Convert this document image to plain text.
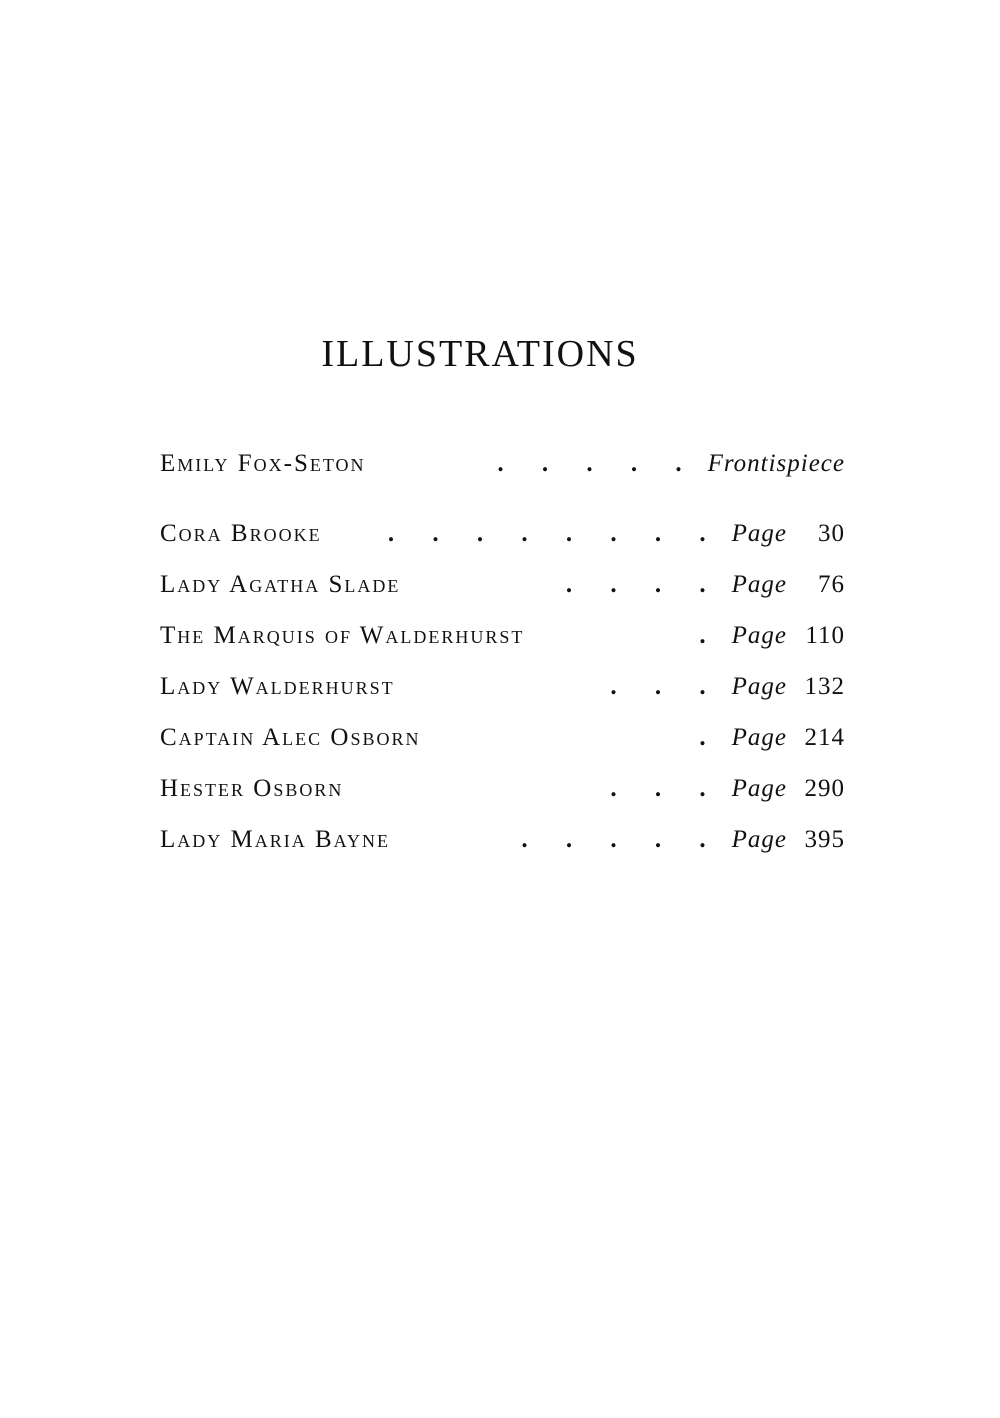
ILLUSTRATIONS
Emily Fox-Seton	. . . . . Frontispiece
Cora Brooke	. . . . . . . . Page	30
Lady Agatha Slade	. . . . Page	76
The Marquis of Walderhurst	. Page 110
Lady Walderhurst	. . . Page 132
Captain Alec Osborn	. Page 214
Hester Osborn	. . . Page 290
Lady Maria Bayne	. . . . . Page 395
